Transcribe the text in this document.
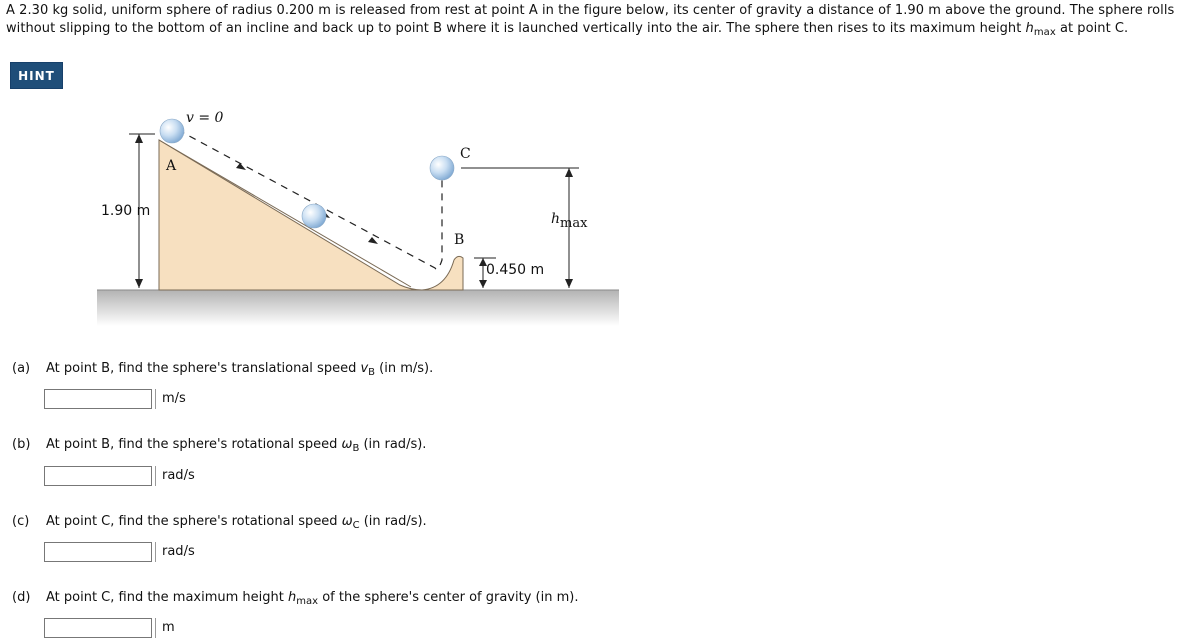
A 2.30 kg solid, uniform sphere of radius 0.200 m is released from rest at point A in the figure below, its center of gravity a distance of 1.90 m above the ground. The sphere rolls without slipping to the bottom of an incline and back up to point B where it is launched vertically into the air. The sphere then rises to its maximum height $h_{max}$ at point C.
HINT
v = 0
A
C
B
1.90 m	hmax
0.450 m
(a) At point B, find the sphere's translational speed $v_B$ (in m/s).
m/s
(b) At point B, find the sphere's rotational speed $\omega_B$ (in rad/s).
rad/s
(c) At point C, find the sphere's rotational speed $\omega_C$ (in rad/s).
rad/s
(d) At point C, find the maximum height $h_{max}$ of the sphere's center of gravity (in m).
m
